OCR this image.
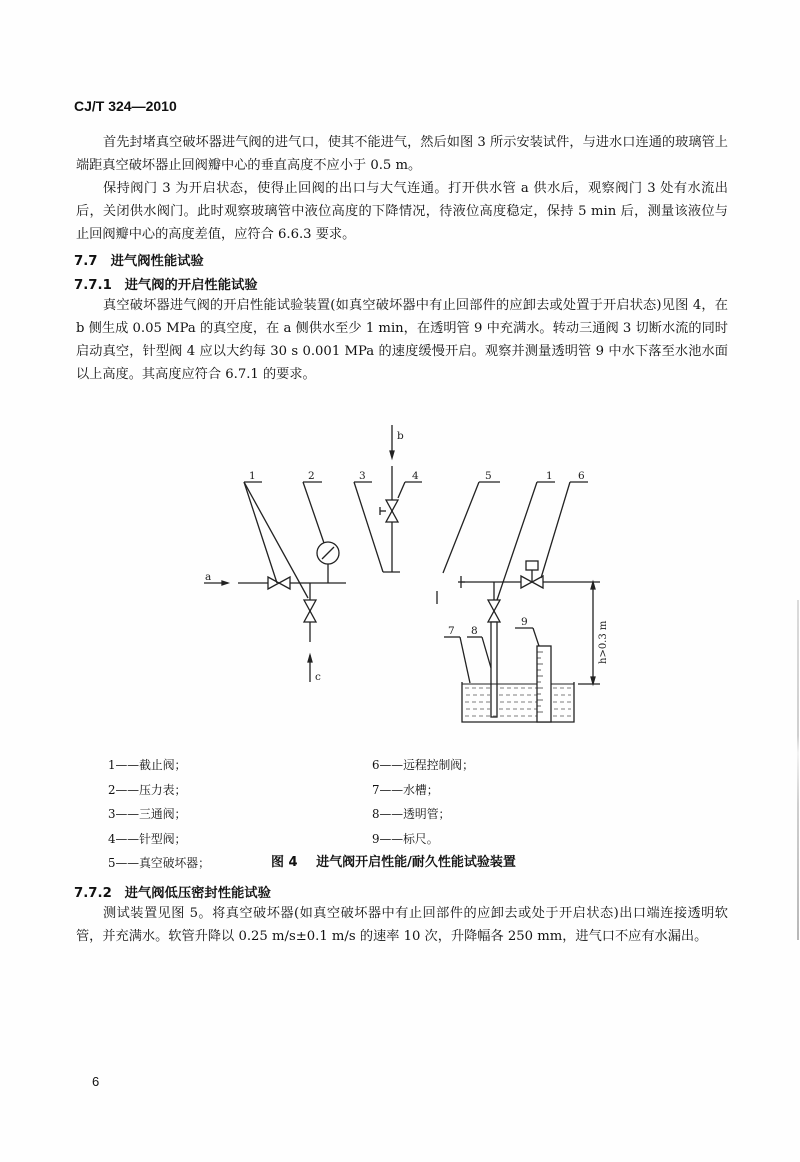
CJ/T 324—2010

首先封堵真空破坏器进气阀的进气口，使其不能进气，然后如图 3 所示安装试件，与进水口连通的玻璃管上端距真空破坏器止回阀瓣中心的垂直高度不应小于 0.5 m。

保持阀门 3 为开启状态，使得止回阀的出口与大气连通。打开供水管 a 供水后，观察阀门 3 处有水流出后，关闭供水阀门。此时观察玻璃管中液位高度的下降情况，待液位高度稳定，保持 5 min 后，测量该液位与止回阀瓣中心的高度差值，应符合 6.6.3 要求。

7.7 进气阀性能试验
7.7.1 进气阀的开启性能试验

真空破坏器进气阀的开启性能试验装置(如真空破坏器中有止回部件的应卸去或处置于开启状态)见图 4，在 b 侧生成 0.05 MPa 的真空度，在 a 侧供水至少 1 min，在透明管 9 中充满水。转动三通阀 3 切断水流的同时启动真空，针型阀 4 应以大约每 30 s 0.001 MPa 的速度缓慢开启。观察并测量透明管 9 中水下落至水池水面以上高度。其高度应符合 6.7.1 的要求。

a
c
1	2
b
3	4
h>0.3 m
5	1 6
7 8
9
1——截止阀；
2——压力表；
3——三通阀；
4——针型阀；
5——真空破坏器；
6——远程控制阀；
7——水槽；
8——透明管；
9——标尺。
图 4 进气阀开启性能/耐久性能试验装置
7.7.2 进气阀低压密封性能试验

测试装置见图 5。将真空破坏器(如真空破坏器中有止回部件的应卸去或处于开启状态)出口端连接透明软管，并充满水。软管升降以 0.25 m/s±0.1 m/s 的速率 10 次，升降幅各 250 mm，进气口不应有水漏出。

6
